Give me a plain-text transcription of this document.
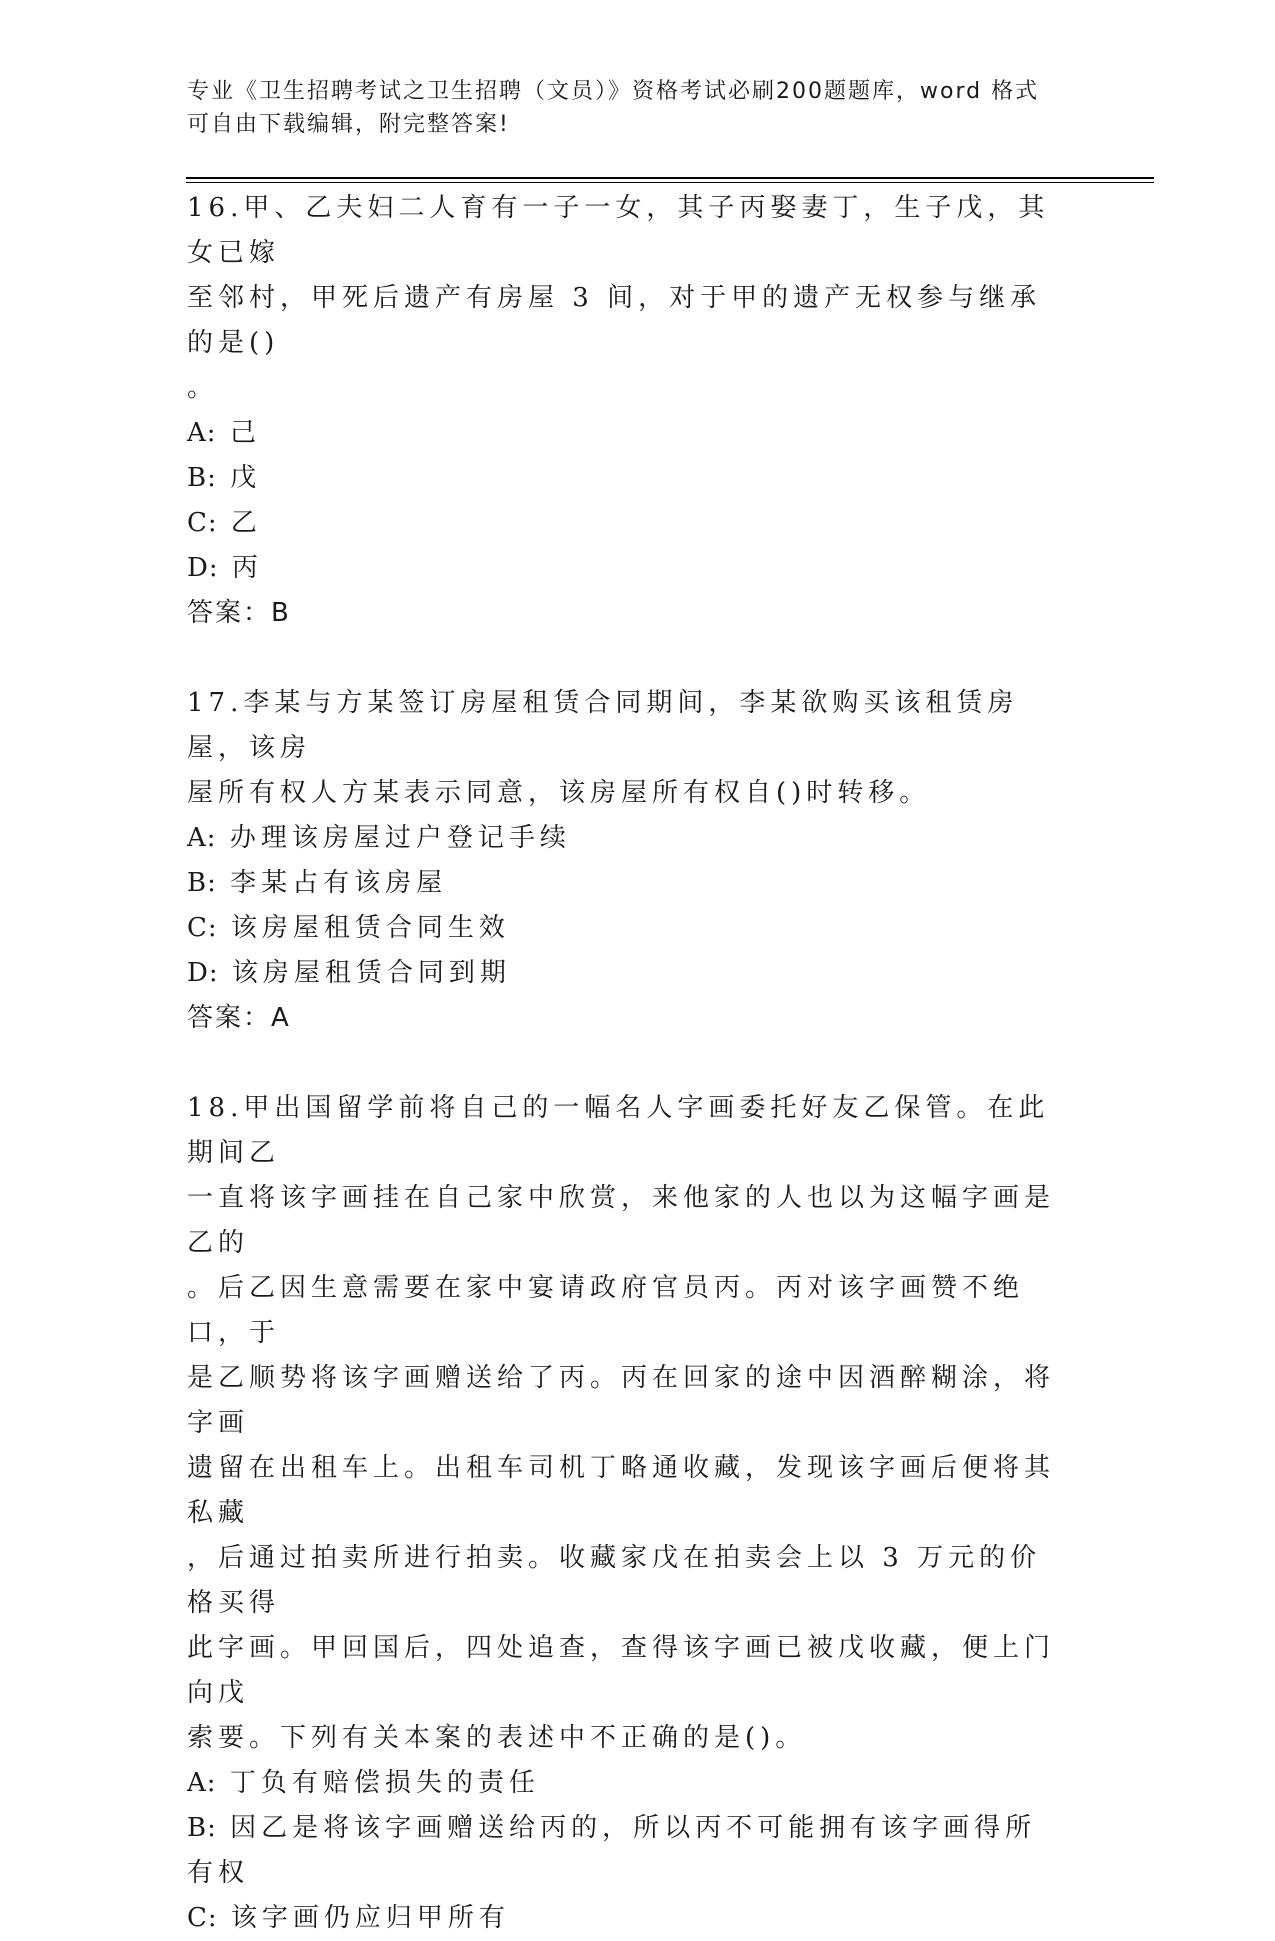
专业《卫生招聘考试之卫生招聘（文员）》资格考试必刷200题题库，word 格式
可自由下载编辑，附完整答案!

16.甲、乙夫妇二人育有一子一女，其子丙娶妻丁，生子戊，其女已嫁

至邻村，甲死后遗产有房屋 3 间，对于甲的遗产无权参与继承的是()

。

A: 己

B: 戊

C: 乙

D: 丙

答案：B

17.李某与方某签订房屋租赁合同期间，李某欲购买该租赁房屋，该房

屋所有权人方某表示同意，该房屋所有权自()时转移。

A: 办理该房屋过户登记手续

B: 李某占有该房屋

C: 该房屋租赁合同生效

D: 该房屋租赁合同到期

答案：A

18.甲出国留学前将自己的一幅名人字画委托好友乙保管。在此期间乙

一直将该字画挂在自己家中欣赏，来他家的人也以为这幅字画是乙的

。后乙因生意需要在家中宴请政府官员丙。丙对该字画赞不绝口，于

是乙顺势将该字画赠送给了丙。丙在回家的途中因酒醉糊涂，将字画

遗留在出租车上。出租车司机丁略通收藏，发现该字画后便将其私藏

，后通过拍卖所进行拍卖。收藏家戊在拍卖会上以 3 万元的价格买得

此字画。甲回国后，四处追查，查得该字画已被戊收藏，便上门向戊

索要。下列有关本案的表述中不正确的是()。

A: 丁负有赔偿损失的责任

B: 因乙是将该字画赠送给丙的，所以丙不可能拥有该字画得所有权

C: 该字画仍应归甲所有
